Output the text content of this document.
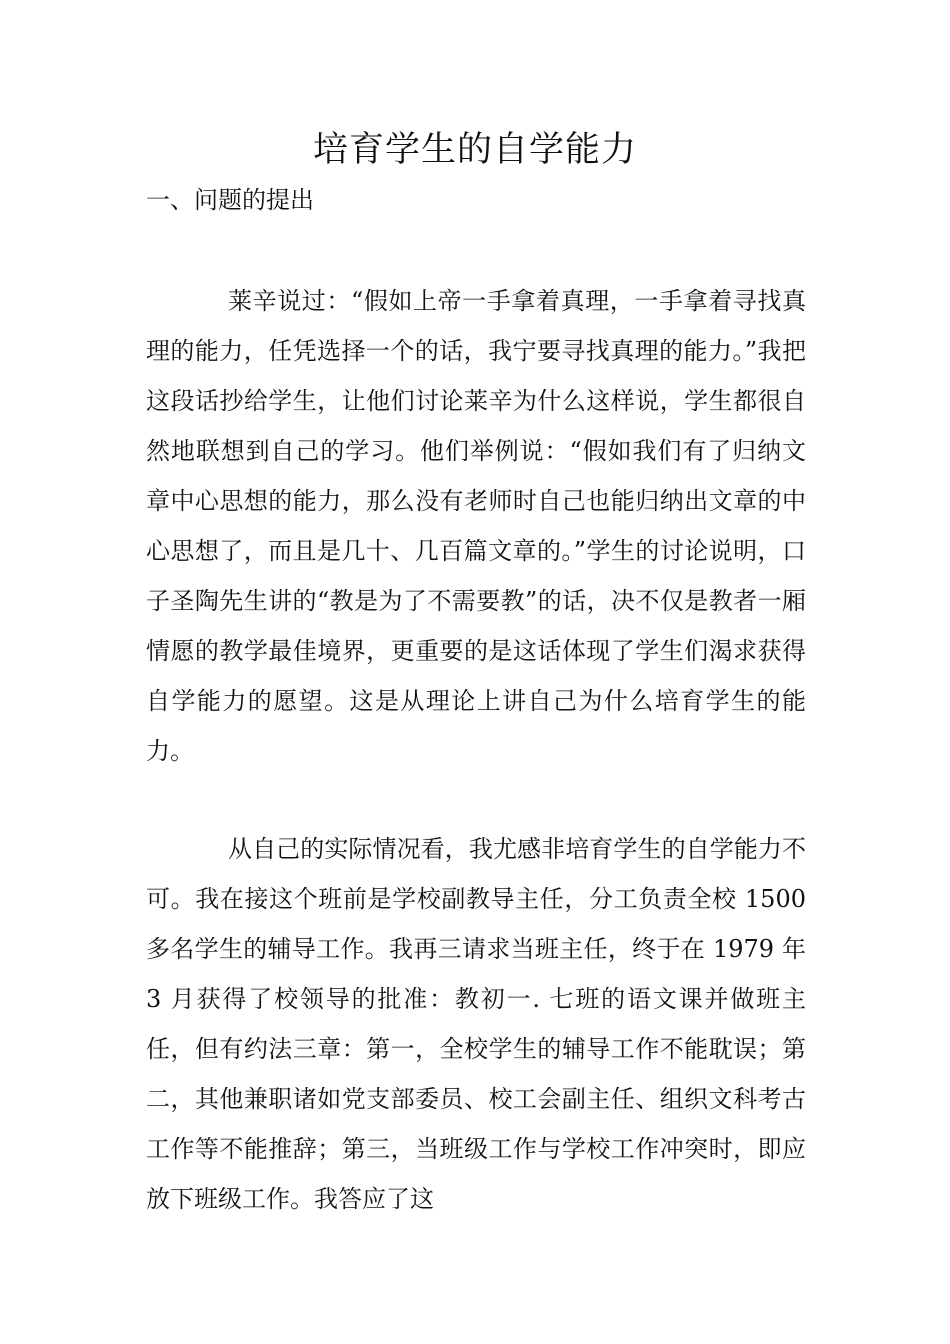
培育学生的自学能力
一、问题的提出

莱辛说过：“假如上帝一手拿着真理，一手拿着寻找真理的能力，任凭选择一个的话，我宁要寻找真理的能力。”我把这段话抄给学生，让他们讨论莱辛为什么这样说，学生都很自然地联想到自己的学习。他们举例说：“假如我们有了归纳文章中心思想的能力，那么没有老师时自己也能归纳出文章的中心思想了，而且是几十、几百篇文章的。”学生的讨论说明，口子圣陶先生讲的“教是为了不需要教”的话，决不仅是教者一厢情愿的教学最佳境界，更重要的是这话体现了学生们渴求获得自学能力的愿望。这是从理论上讲自己为什么培育学生的能力。

从自己的实际情况看，我尤感非培育学生的自学能力不可。我在接这个班前是学校副教导主任，分工负责全校 1500 多名学生的辅导工作。我再三请求当班主任，终于在 1979 年 3 月获得了校领导的批准：教初一. 七班的语文课并做班主任，但有约法三章：第一，全校学生的辅导工作不能耽误；第二，其他兼职诸如党支部委员、校工会副主任、组织文科考古工作等不能推辞；第三，当班级工作与学校工作冲突时，即应放下班级工作。我答应了这
